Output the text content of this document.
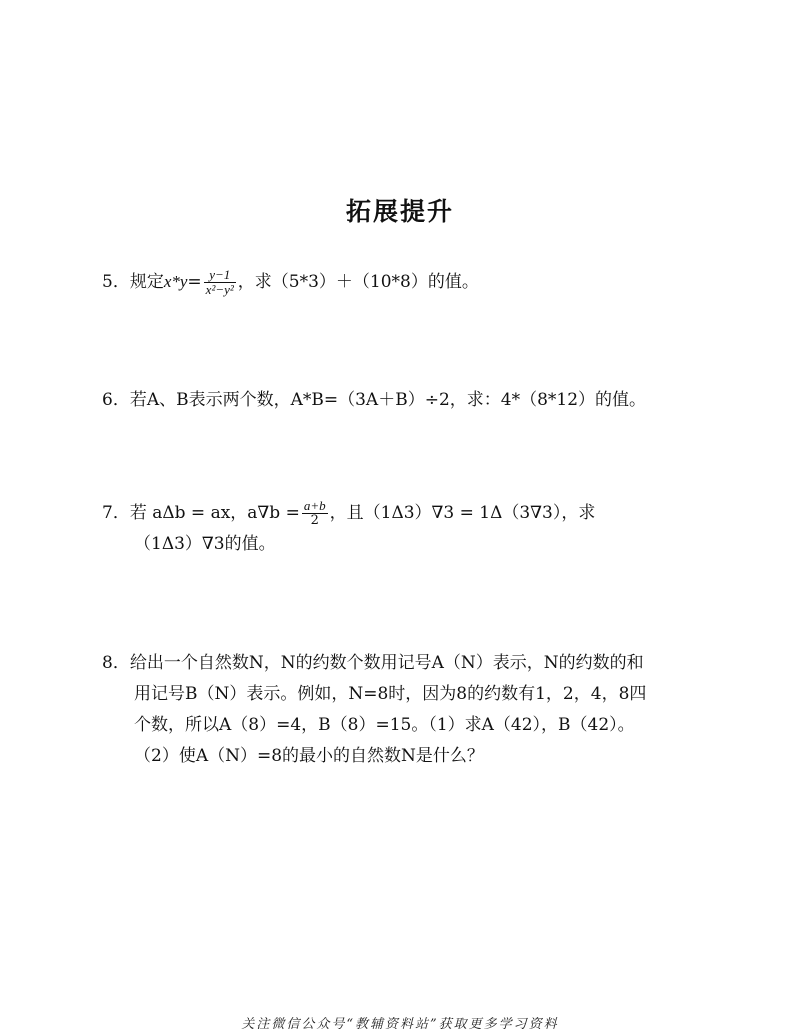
拓展提升
5．规定$x*y= \frac{y-1}{\text{x²−y²}}$ ，求（5*3）＋（10*8）的值。
6．若A、B表示两个数，A*B=（3A＋B）÷2，求：4*（8*12）的值。
7．若 aΔb = ax，$a\nabla b = \frac{a+b}{2}$ ，且（1Δ3）∇3 = 1Δ（3∇3），求
（1Δ3）∇3的值。
8．给出一个自然数N，N的约数个数用记号A（N）表示，N的约数的和
用记号B（N）表示。例如，N=8时，因为8的约数有1，2，4，8四
个数，所以A（8）=4，B（8）=15。（1）求A（42），B（42）。
（2）使A（N）=8的最小的自然数N是什么？
关注微信公众号“教辅资料站”获取更多学习资料
